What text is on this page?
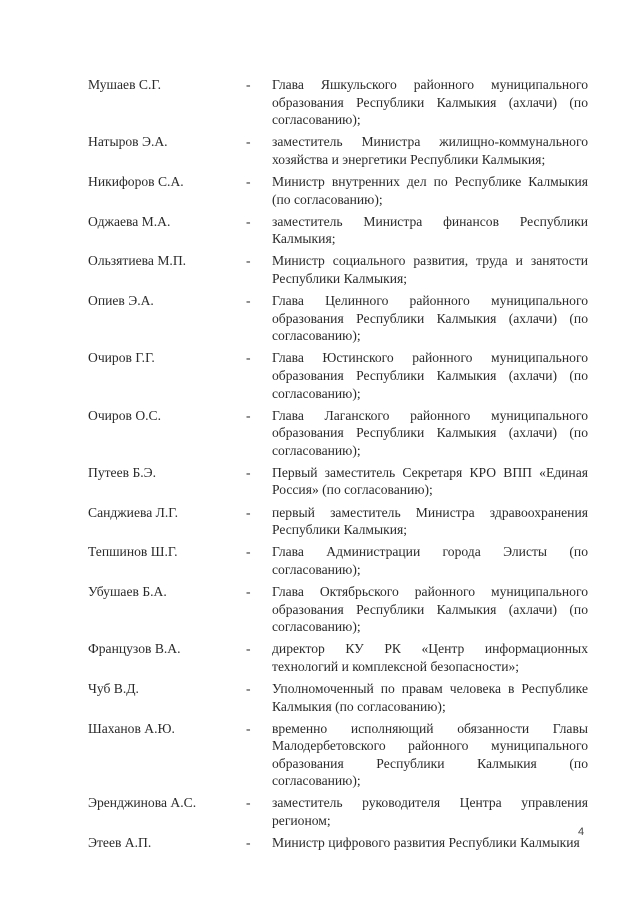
Мушаев С.Г.	-	Глава Яшкульского районного муниципального образования Республики Калмыкия (ахлачи) (по согласованию);
Натыров Э.А.	-	заместитель Министра жилищно-коммунального хозяйства и энергетики Республики Калмыкия;
Никифоров С.А.	-	Министр внутренних дел по Республике Калмыкия (по согласованию);
Оджаева М.А.	-	заместитель Министра финансов Республики Калмыкия;
Ользятиева М.П.	-	Министр социального развития, труда и занятости Республики Калмыкия;
Опиев Э.А.	-	Глава Целинного районного муниципального образования Республики Калмыкия (ахлачи) (по согласованию);
Очиров Г.Г.	-	Глава Юстинского районного муниципального образования Республики Калмыкия (ахлачи) (по согласованию);
Очиров О.С.	-	Глава Лаганского районного муниципального образования Республики Калмыкия (ахлачи) (по согласованию);
Путеев Б.Э.	-	Первый заместитель Секретаря КРО ВПП «Единая Россия» (по согласованию);
Санджиева Л.Г.	-	первый заместитель Министра здравоохранения Республики Калмыкия;
Тепшинов Ш.Г.	-	Глава Администрации города Элисты (по согласованию);
Убушаев Б.А.	-	Глава Октябрьского районного муниципального образования Республики Калмыкия (ахлачи) (по согласованию);
Французов В.А.	-	директор КУ РК «Центр информационных технологий и комплексной безопасности»;
Чуб В.Д.	-	Уполномоченный по правам человека в Республике Калмыкия (по согласованию);
Шаханов А.Ю.	-	временно исполняющий обязанности Главы Малодербетовского районного муниципального образования Республики Калмыкия (по согласованию);
Эренджинова А.С.	-	заместитель руководителя Центра управления регионом;
Этеев А.П.	-	Министр цифрового развития Республики Калмыкия
4
